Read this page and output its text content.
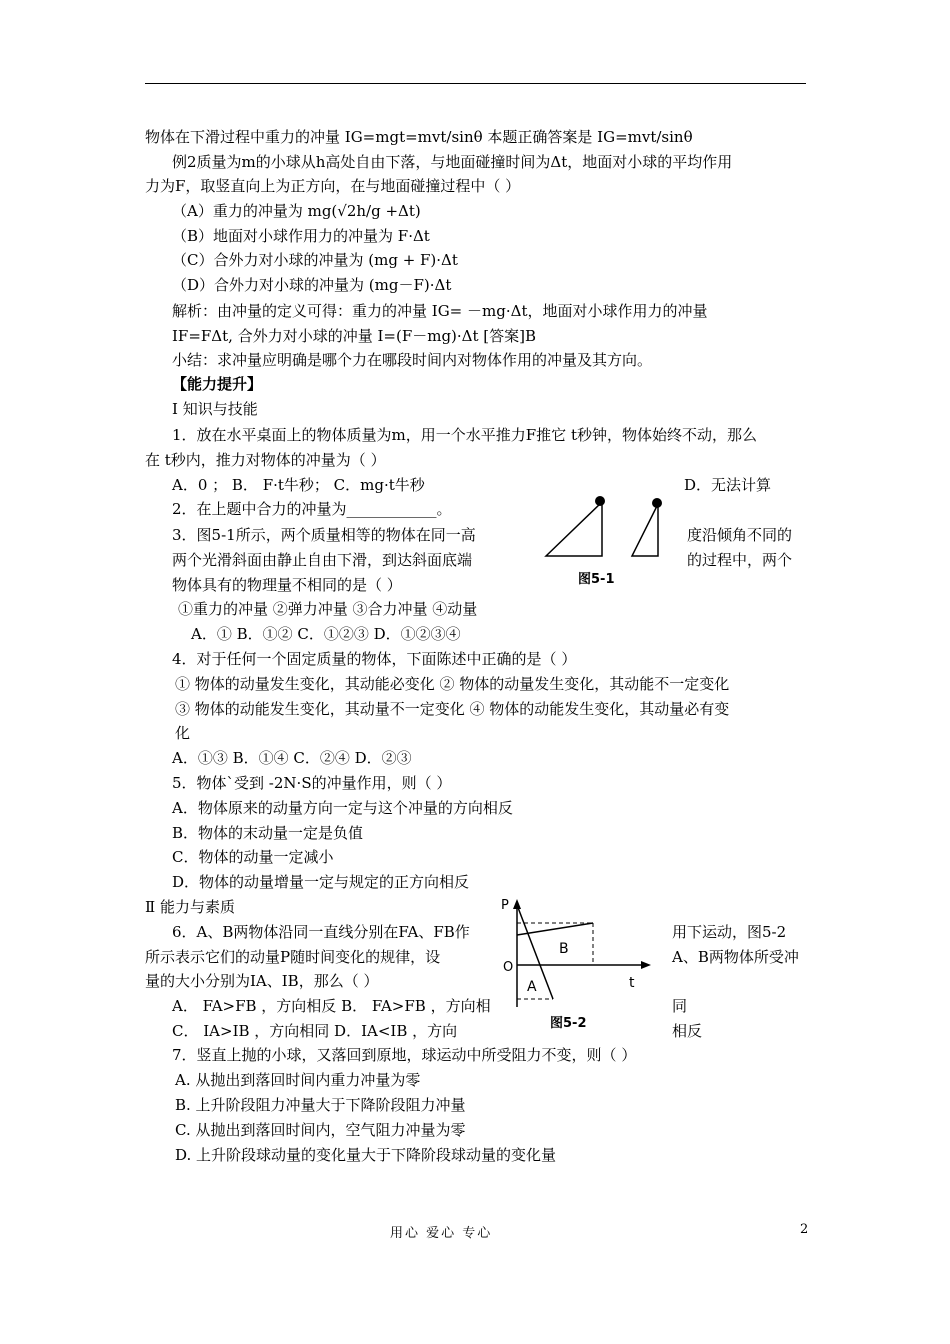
物体在下滑过程中重力的冲量 IG=mgt=mvt/sinθ 本题正确答案是 IG=mvt/sinθ
例2质量为m的小球从h高处自由下落，与地面碰撞时间为Δt，地面对小球的平均作用
力为F，取竖直向上为正方向，在与地面碰撞过程中（ ）
（A）重力的冲量为 mg(√2h/g +Δt)
（B）地面对小球作用力的冲量为 F·Δt
（C）合外力对小球的冲量为 (mg + F)·Δt
（D）合外力对小球的冲量为 (mg－F)·Δt
解析：由冲量的定义可得：重力的冲量 IG= －mg·Δt，地面对小球作用力的冲量
IF=FΔt, 合外力对小球的冲量 I=(F－mg)·Δt [答案]B
小结：求冲量应明确是哪个力在哪段时间内对物体作用的冲量及其方向。
【能力提升】
Ⅰ 知识与技能
1．放在水平桌面上的物体质量为m，用一个水平推力F推它 t秒钟，物体始终不动，那么
在 t秒内，推力对物体的冲量为（ ）
A．0 ； B． F·t牛秒； C．mg·t牛秒	D．无法计算
2．在上题中合力的冲量为____________。
3．图5-1所示，两个质量相等的物体在同一高	度沿倾角不同的
两个光滑斜面由静止自由下滑，到达斜面底端	的过程中，两个
物体具有的物理量不相同的是（ ）
①重力的冲量 ②弹力冲量 ③合力冲量 ④动量
A．① B．①② C．①②③ D．①②③④
4．对于任何一个固定质量的物体，下面陈述中正确的是（ ）
① 物体的动量发生变化，其动能必变化 ② 物体的动量发生变化，其动能不一定变化
③ 物体的动能发生变化，其动量不一定变化 ④ 物体的动能发生变化，其动量必有变
化
A．①③ B．①④ C．②④ D．②③
5．物体`受到 -2N·S的冲量作用，则（ ）
A．物体原来的动量方向一定与这个冲量的方向相反
B．物体的末动量一定是负值
C．物体的动量一定减小
D．物体的动量增量一定与规定的正方向相反
Ⅱ 能力与素质
6．A、B两物体沿同一直线分别在FA、FB作	用下运动，图5-2
所示表示它们的动量P随时间变化的规律，设	A、B两物体所受冲
量的大小分别为IA、IB，那么（ ）
A． FA>FB ，方向相反 B． FA>FB ，方向相	同
C． IA>IB ，方向相同 D．IA<IB ，方向	相反
7．竖直上抛的小球，又落回到原地，球运动中所受阻力不变，则（ ）
A. 从抛出到落回时间内重力冲量为零
B. 上升阶段阻力冲量大于下降阶段阻力冲量
C. 从抛出到落回时间内，空气阻力冲量为零
D. 上升阶段球动量的变化量大于下降阶段球动量的变化量
图5-1
P
O
t
B
A
图5-2
用心 爱心 专心	2
